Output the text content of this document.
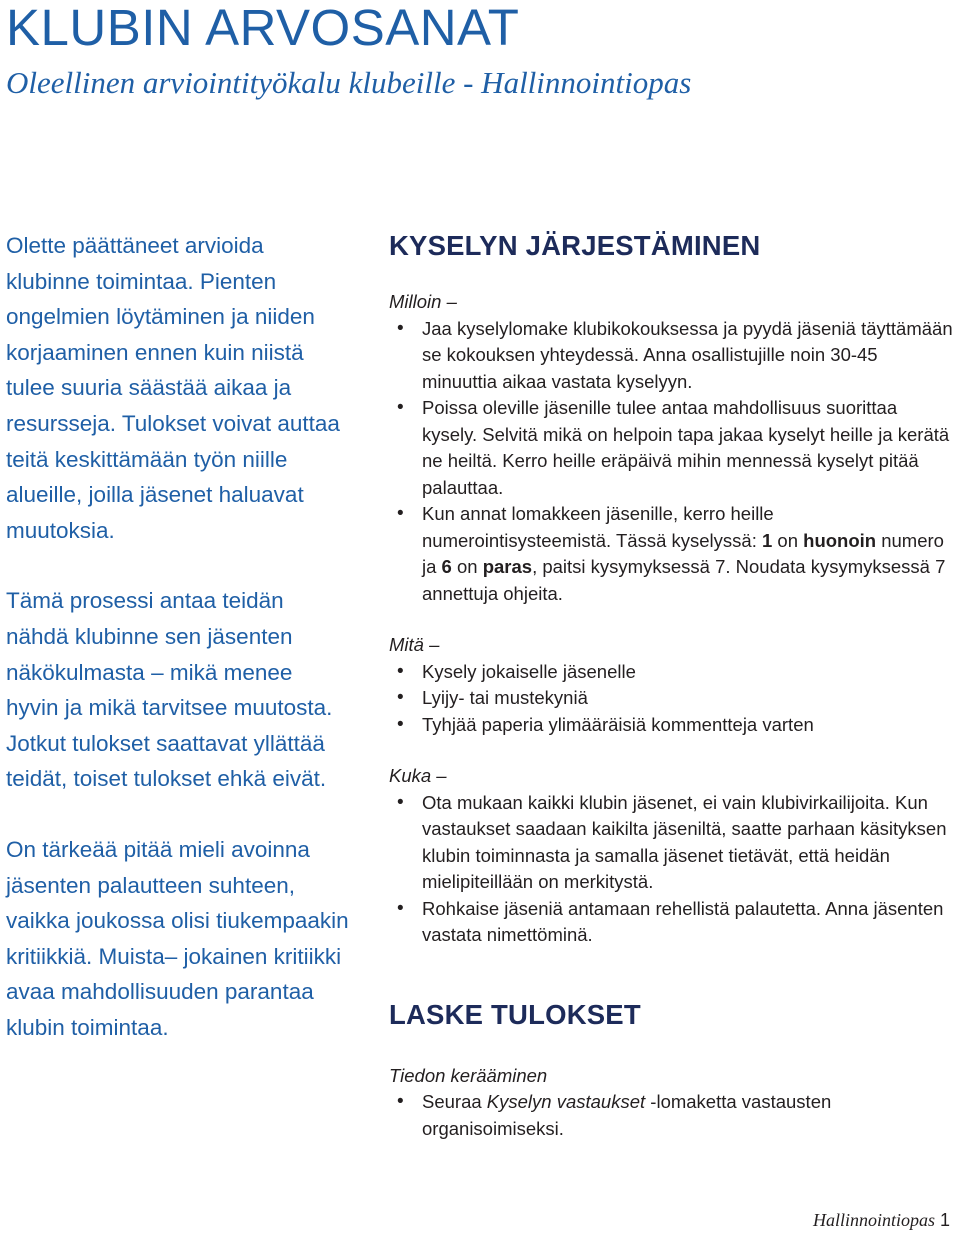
KLUBIN ARVOSANAT
Oleellinen arviointityökalu klubeille - Hallinnointiopas

Olette päättäneet arvioida klubinne toimintaa. Pienten ongelmien löytäminen ja niiden korjaaminen ennen kuin niistä tulee suuria säästää aikaa ja resursseja. Tulokset voivat auttaa teitä keskittämään työn niille alueille, joilla jäsenet haluavat muutoksia.

Tämä prosessi antaa teidän nähdä klubinne sen jäsenten näkökulmasta – mikä menee hyvin ja mikä tarvitsee muutosta. Jotkut tulokset saattavat yllättää teidät, toiset tulokset ehkä eivät.

On tärkeää pitää mieli avoinna jäsenten palautteen suhteen, vaikka joukossa olisi tiukempaakin kritiikkiä. Muista– jokainen kritiikki avaa mahdollisuuden parantaa klubin toimintaa.

KYSELYN JÄRJESTÄMINEN

Milloin –

• Jaa kyselylomake klubikokouksessa ja pyydä jäseniä täyttämään se kokouksen yhteydessä. Anna osallistujille noin 30-45 minuuttia aikaa vastata kyselyyn.
• Poissa oleville jäsenille tulee antaa mahdollisuus suorittaa kysely. Selvitä mikä on helpoin tapa jakaa kyselyt heille ja kerätä ne heiltä. Kerro heille eräpäivä mihin mennessä kyselyt pitää palauttaa.
• Kun annat lomakkeen jäsenille, kerro heille numerointisysteemistä. Tässä kyselyssä: 1 on huonoin numero ja 6 on paras, paitsi kysymyksessä 7. Noudata kysymyksessä 7 annettuja ohjeita.

Mitä –

• Kysely jokaiselle jäsenelle
• Lyijy- tai mustekyniä
• Tyhjää paperia ylimääräisiä kommentteja varten

Kuka –

• Ota mukaan kaikki klubin jäsenet, ei vain klubivirkailijoita. Kun vastaukset saadaan kaikilta jäseniltä, saatte parhaan käsityksen klubin toiminnasta ja samalla jäsenet tietävät, että heidän mielipiteillään on merkitystä.
• Rohkaise jäseniä antamaan rehellistä palautetta. Anna jäsenten vastata nimettöminä.
LASKE TULOKSET

Tiedon kerääminen

• Seuraa Kyselyn vastaukset -lomaketta vastausten organisoimiseksi.
Hallinnointiopas 1
